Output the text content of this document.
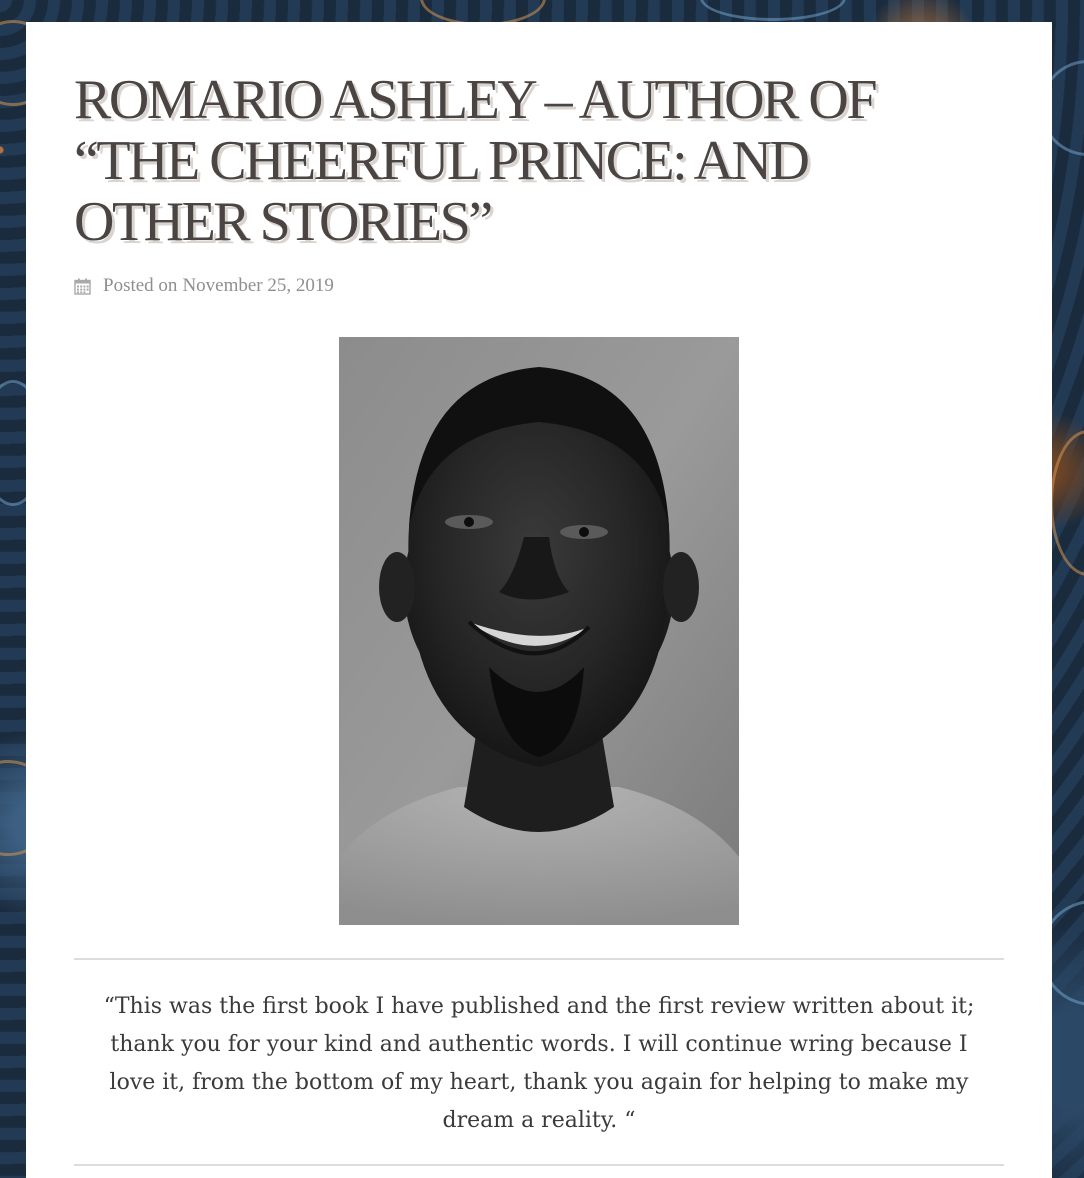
ROMARIO ASHLEY – AUTHOR OF “THE CHEERFUL PRINCE: AND OTHER STORIES”
Posted on November 25, 2019
“This was the first book I have published and the first review written about it; thank you for your kind and authentic words. I will continue wring because I love it, from the bottom of my heart, thank you again for helping to make my dream a reality. “
